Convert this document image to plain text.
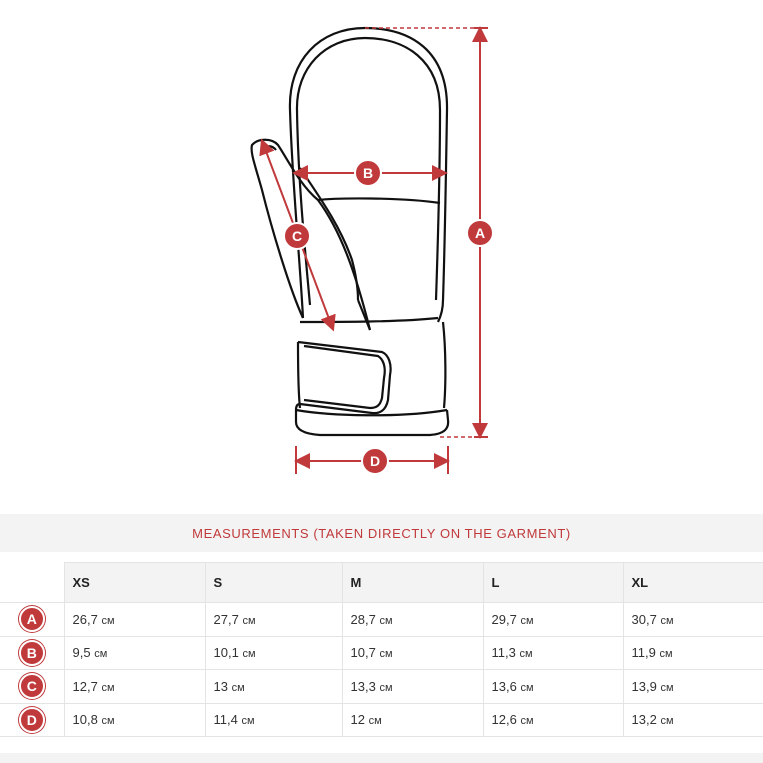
A
B
C
D
MEASUREMENTS (TAKEN DIRECTLY ON THE GARMENT)
	XS	S	M	L	XL
A	26,7 см	27,7 см	28,7 см	29,7 см	30,7 см
B	9,5 см	10,1 см	10,7 см	11,3 см	11,9 см
C	12,7 см	13 см	13,3 см	13,6 см	13,9 см
D	10,8 см	11,4 см	12 см	12,6 см	13,2 см
